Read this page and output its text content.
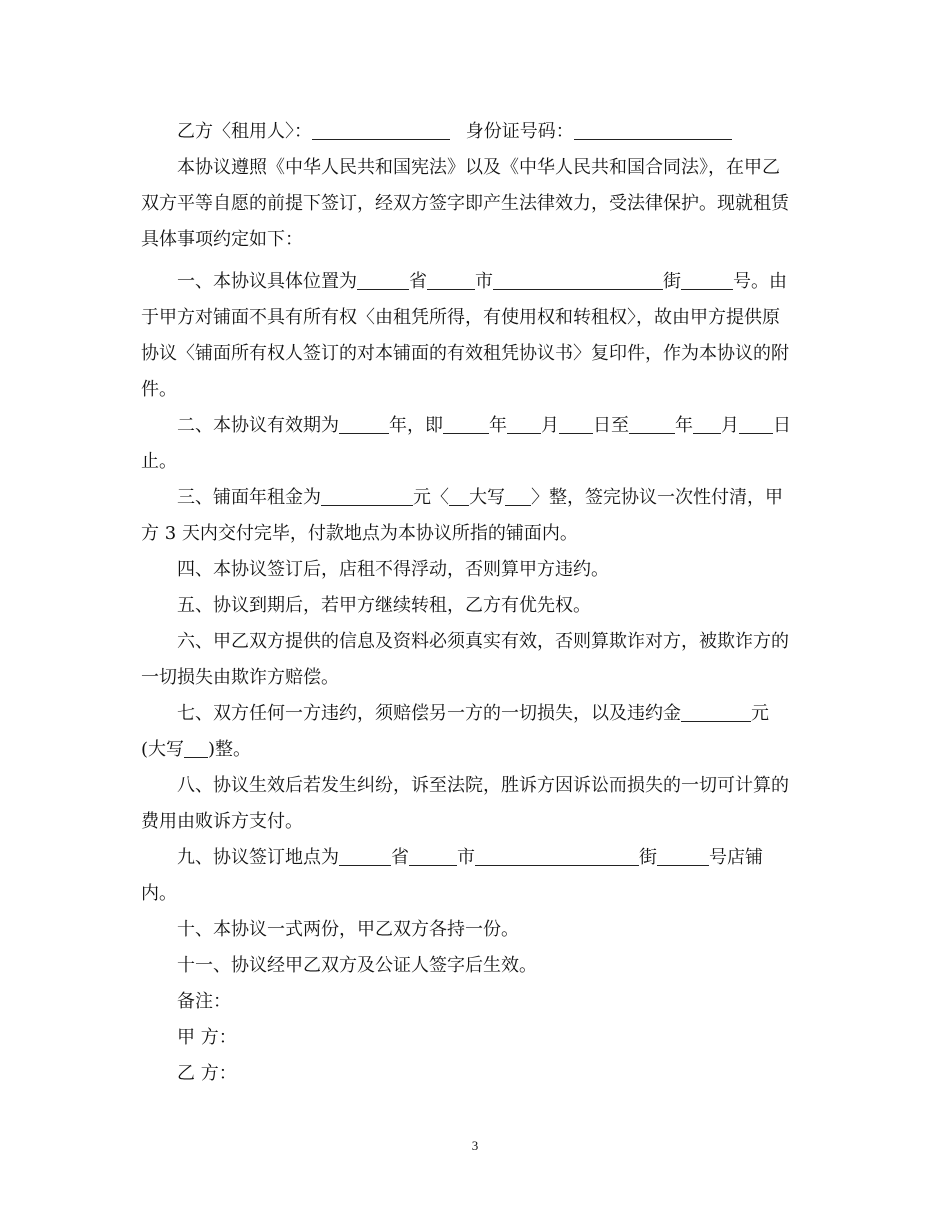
乙方〈租用人〉：	身份证号码：
本协议遵照《中华人民共和国宪法》以及《中华人民共和国合同法》，在甲乙
双方平等自愿的前提下签订，经双方签字即产生法律效力，受法律保护。现就租赁
具体事项约定如下：
一、本协议具体位置为	省	市	街	号。由
于甲方对铺面不具有所有权〈由租凭所得，有使用权和转租权〉，故由甲方提供原
协议〈铺面所有权人签订的对本铺面的有效租凭协议书〉复印件，作为本协议的附
件。
二、本协议有效期为	年，即	年 月 日至	年 月 日
止。
三、铺面年租金为	元〈 大写 〉整，签完协议一次性付清，甲
方 3 天内交付完毕，付款地点为本协议所指的铺面内。
四、本协议签订后，店租不得浮动，否则算甲方违约。
五、协议到期后，若甲方继续转租，乙方有优先权。
六、甲乙双方提供的信息及资料必须真实有效，否则算欺诈对方，被欺诈方的
一切损失由欺诈方赔偿。
七、双方任何一方违约，须赔偿另一方的一切损失，以及违约金	元
(大写 )整。
八、协议生效后若发生纠纷，诉至法院，胜诉方因诉讼而损失的一切可计算的
费用由败诉方支付。
九、协议签订地点为	省	市	街	号店铺
内。
十、本协议一式两份，甲乙双方各持一份。
十一、协议经甲乙双方及公证人签字后生效。
备注：
甲 方：
乙 方：
3
